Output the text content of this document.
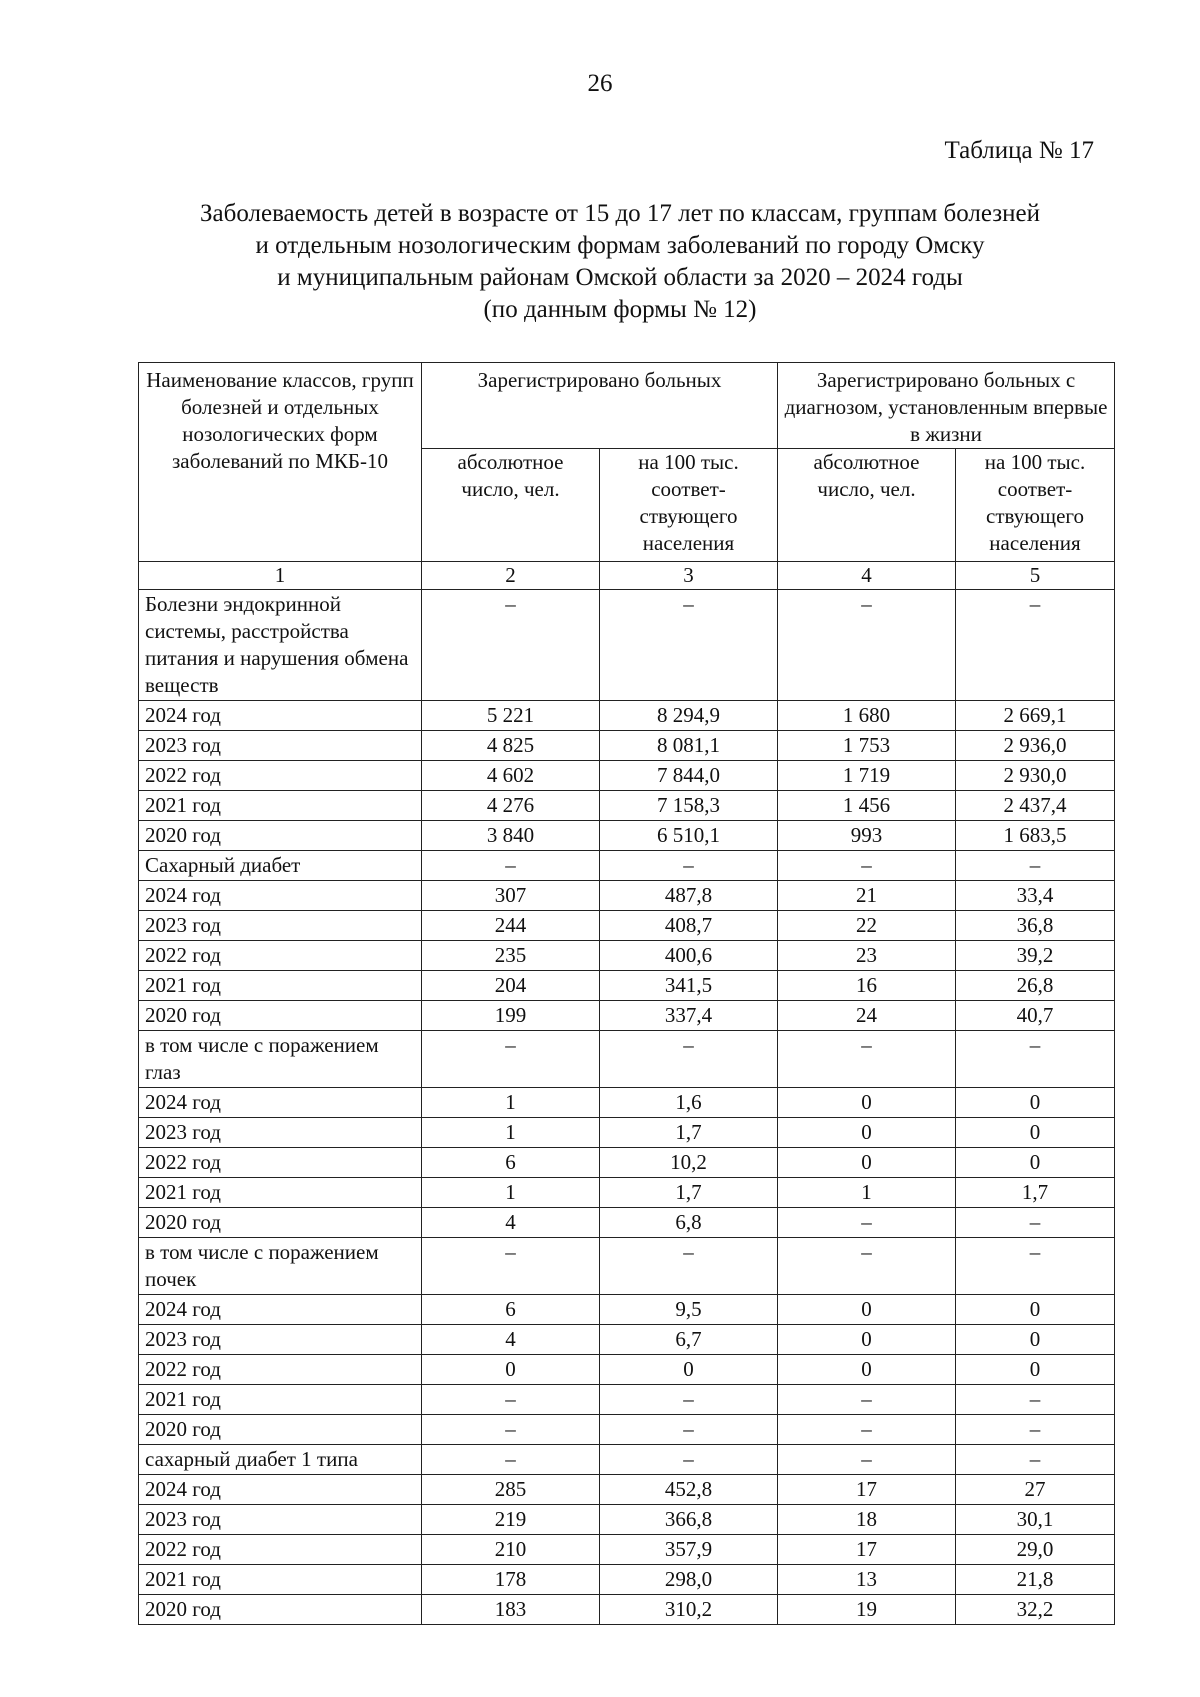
26
Таблица № 17
Заболеваемость детей в возрасте от 15 до 17 лет по классам, группам болезней
и отдельным нозологическим формам заболеваний по городу Омску
и муниципальным районам Омской области за 2020 – 2024 годы
(по данным формы № 12)
Наименование классов, групп болезней и отдельных нозологических форм заболеваний по МКБ-10	Зарегистрировано больных		Зарегистрировано больных с диагнозом, установленным впервые в жизни	
	абсолютное число, чел.	на 100 тыс. соответ-ствующего населения	абсолютное число, чел.	на 100 тыс. соответ-ствующего населения
1	2	3	4	5
Болезни эндокринной системы, расстройства питания и нарушения обмена веществ	–	–	–	–
2024 год	5 221	8 294,9	1 680	2 669,1
2023 год	4 825	8 081,1	1 753	2 936,0
2022 год	4 602	7 844,0	1 719	2 930,0
2021 год	4 276	7 158,3	1 456	2 437,4
2020 год	3 840	6 510,1	993	1 683,5
Сахарный диабет	–	–	–	–
2024 год	307	487,8	21	33,4
2023 год	244	408,7	22	36,8
2022 год	235	400,6	23	39,2
2021 год	204	341,5	16	26,8
2020 год	199	337,4	24	40,7
в том числе с поражением глаз	–	–	–	–
2024 год	1	1,6	0	0
2023 год	1	1,7	0	0
2022 год	6	10,2	0	0
2021 год	1	1,7	1	1,7
2020 год	4	6,8	–	–
в том числе с поражением почек	–	–	–	–
2024 год	6	9,5	0	0
2023 год	4	6,7	0	0
2022 год	0	0	0	0
2021 год	–	–	–	–
2020 год	–	–	–	–
сахарный диабет 1 типа	–	–	–	–
2024 год	285	452,8	17	27
2023 год	219	366,8	18	30,1
2022 год	210	357,9	17	29,0
2021 год	178	298,0	13	21,8
2020 год	183	310,2	19	32,2
